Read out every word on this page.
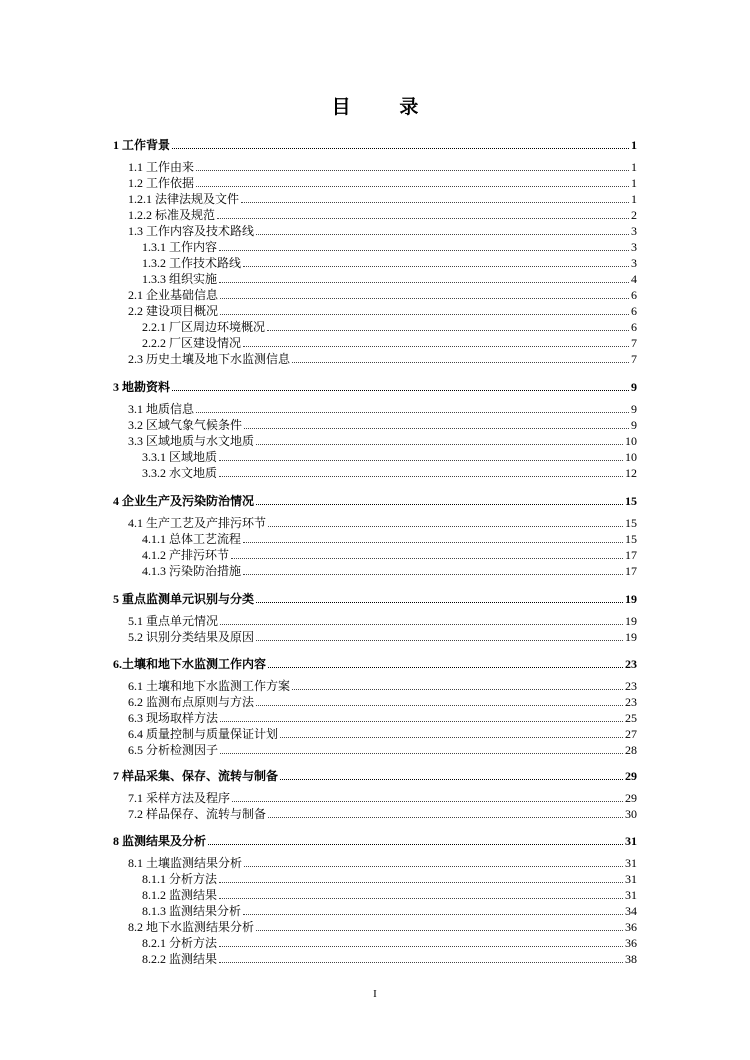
目 录
1 工作背景	1
1.1 工作由来	1
1.2 工作依据	1
1.2.1 法律法规及文件	1
1.2.2 标准及规范	2
1.3 工作内容及技术路线	3
1.3.1 工作内容	3
1.3.2 工作技术路线	3
1.3.3 组织实施	4
2.1 企业基础信息	6
2.2 建设项目概况	6
2.2.1 厂区周边环境概况	6
2.2.2 厂区建设情况	7
2.3 历史土壤及地下水监测信息	7
3 地勘资料	9
3.1 地质信息	9
3.2 区域气象气候条件	9
3.3 区域地质与水文地质	10
3.3.1 区域地质	10
3.3.2 水文地质	12
4 企业生产及污染防治情况	15
4.1 生产工艺及产排污环节	15
4.1.1 总体工艺流程	15
4.1.2 产排污环节	17
4.1.3 污染防治措施	17
5 重点监测单元识别与分类	19
5.1 重点单元情况	19
5.2 识别分类结果及原因	19
6.土壤和地下水监测工作内容	23
6.1 土壤和地下水监测工作方案	23
6.2 监测布点原则与方法	23
6.3 现场取样方法	25
6.4 质量控制与质量保证计划	27
6.5 分析检测因子	28
7 样品采集、保存、流转与制备	29
7.1 采样方法及程序	29
7.2 样品保存、流转与制备	30
8 监测结果及分析	31
8.1 土壤监测结果分析	31
8.1.1 分析方法	31
8.1.2 监测结果	31
8.1.3 监测结果分析	34
8.2 地下水监测结果分析	36
8.2.1 分析方法	36
8.2.2 监测结果	38
I
